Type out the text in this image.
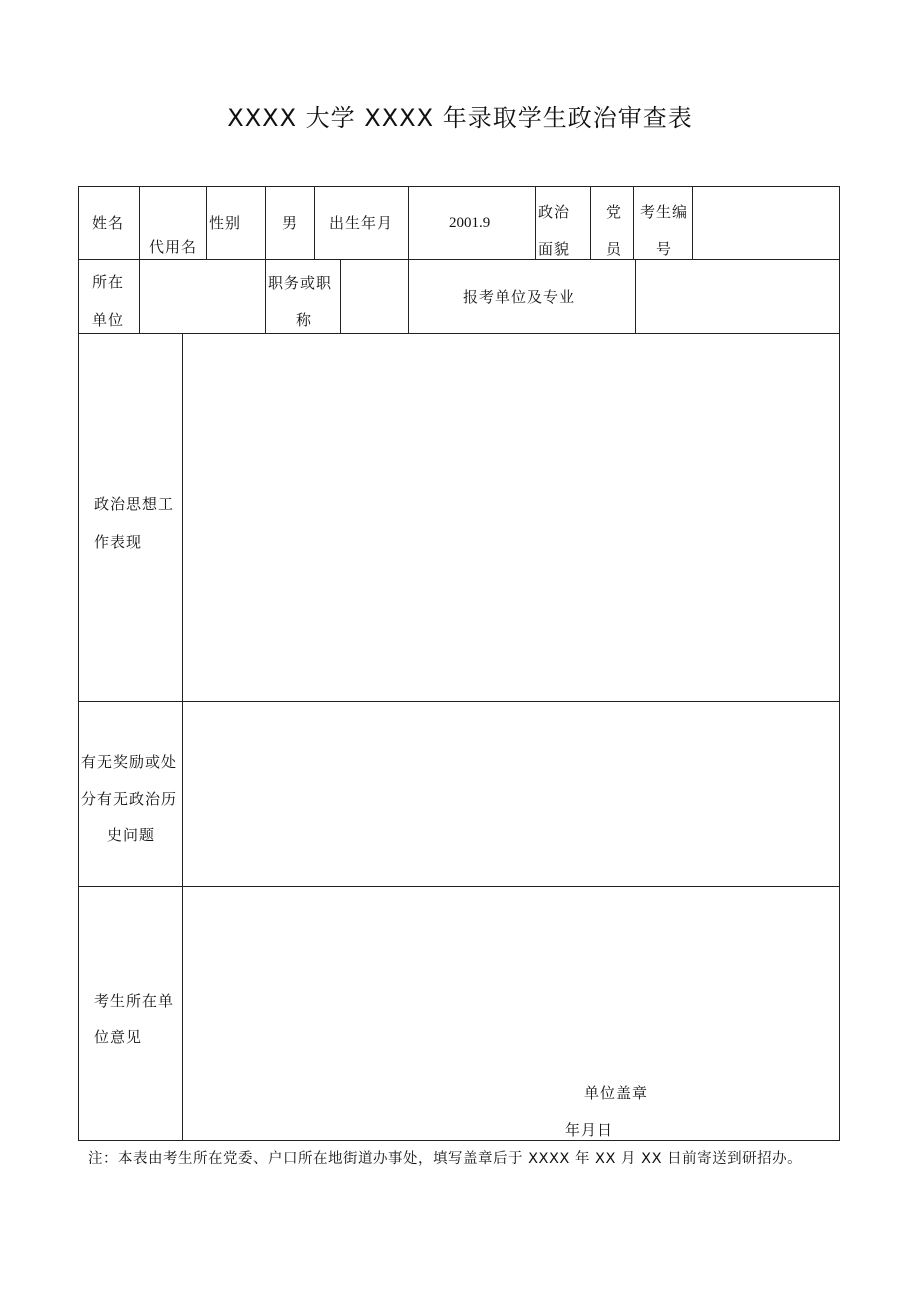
XXXX 大学 XXXX 年录取学生政治审查表
姓名
代用名
性别	男 出生年月	2001.9
政治
面貌
党
员
考生编
号
所在
单位
职务或职
称
报考单位及专业
政治思想工
作表现
有无奖励或处
分有无政治历
史问题
考生所在单
位意见
单位盖章
年月日
注：本表由考生所在党委、户口所在地街道办事处，填写盖章后于 XXXX 年 XX 月 XX 日前寄送到研招办。
